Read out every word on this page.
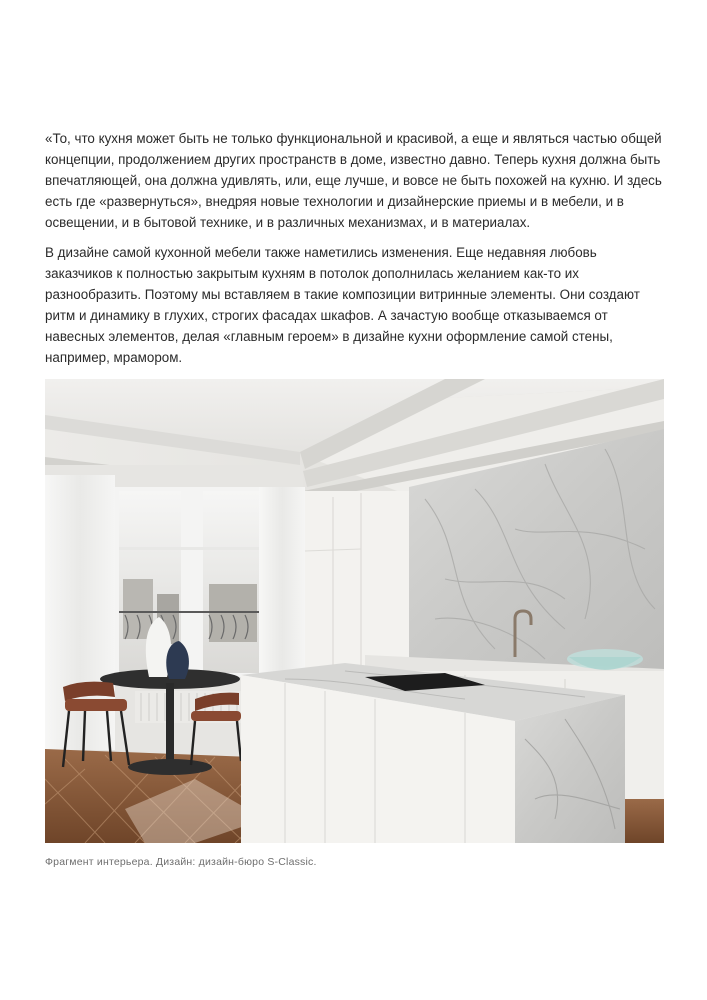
«То, что кухня может быть не только функциональной и красивой, а еще и являться частью общей концепции, продолжением других пространств в доме, известно давно. Теперь кухня должна быть впечатляющей, она должна удивлять, или, еще лучше, и вовсе не быть похожей на кухню. И здесь есть где «развернуться», внедряя новые технологии и дизайнерские приемы и в мебели, и в освещении, и в бытовой технике, и в различных механизмах, и в материалах.

В дизайне самой кухонной мебели также наметились изменения. Еще недавняя любовь заказчиков к полностью закрытым кухням в потолок дополнилась желанием как-то их разнообразить. Поэтому мы вставляем в такие композиции витринные элементы. Они создают ритм и динамику в глухих, строгих фасадах шкафов. А зачастую вообще отказываемся от навесных элементов, делая «главным героем» в дизайне кухни оформление самой стены, например, мрамором.

Фрагмент интерьера. Дизайн: дизайн-бюро S-Classic.
